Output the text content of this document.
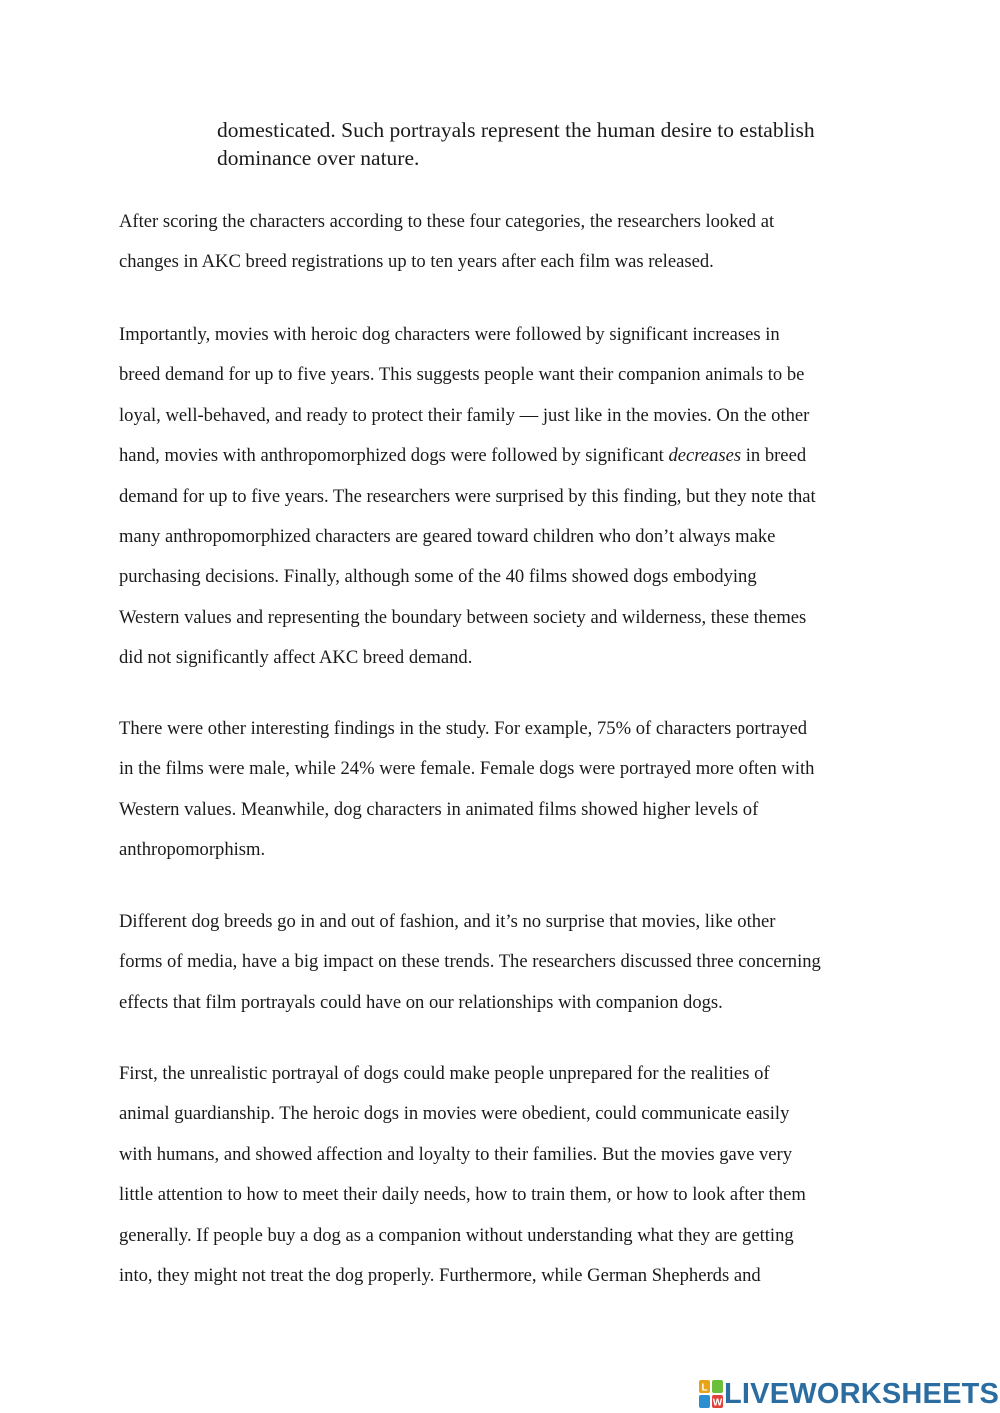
domesticated. Such portrayals represent the human desire to establish
dominance over nature.
After scoring the characters according to these four categories, the researchers looked at
changes in AKC breed registrations up to ten years after each film was released.
Importantly, movies with heroic dog characters were followed by significant increases in
breed demand for up to five years. This suggests people want their companion animals to be
loyal, well-behaved, and ready to protect their family — just like in the movies. On the other
hand, movies with anthropomorphized dogs were followed by significant decreases in breed
demand for up to five years. The researchers were surprised by this finding, but they note that
many anthropomorphized characters are geared toward children who don’t always make
purchasing decisions. Finally, although some of the 40 films showed dogs embodying
Western values and representing the boundary between society and wilderness, these themes
did not significantly affect AKC breed demand.
There were other interesting findings in the study. For example, 75% of characters portrayed
in the films were male, while 24% were female. Female dogs were portrayed more often with
Western values. Meanwhile, dog characters in animated films showed higher levels of
anthropomorphism.
Different dog breeds go in and out of fashion, and it’s no surprise that movies, like other
forms of media, have a big impact on these trends. The researchers discussed three concerning
effects that film portrayals could have on our relationships with companion dogs.
First, the unrealistic portrayal of dogs could make people unprepared for the realities of
animal guardianship. The heroic dogs in movies were obedient, could communicate easily
with humans, and showed affection and loyalty to their families. But the movies gave very
little attention to how to meet their daily needs, how to train them, or how to look after them
generally. If people buy a dog as a companion without understanding what they are getting
into, they might not treat the dog properly. Furthermore, while German Shepherds and
L
W LIVEWORKSHEETS
